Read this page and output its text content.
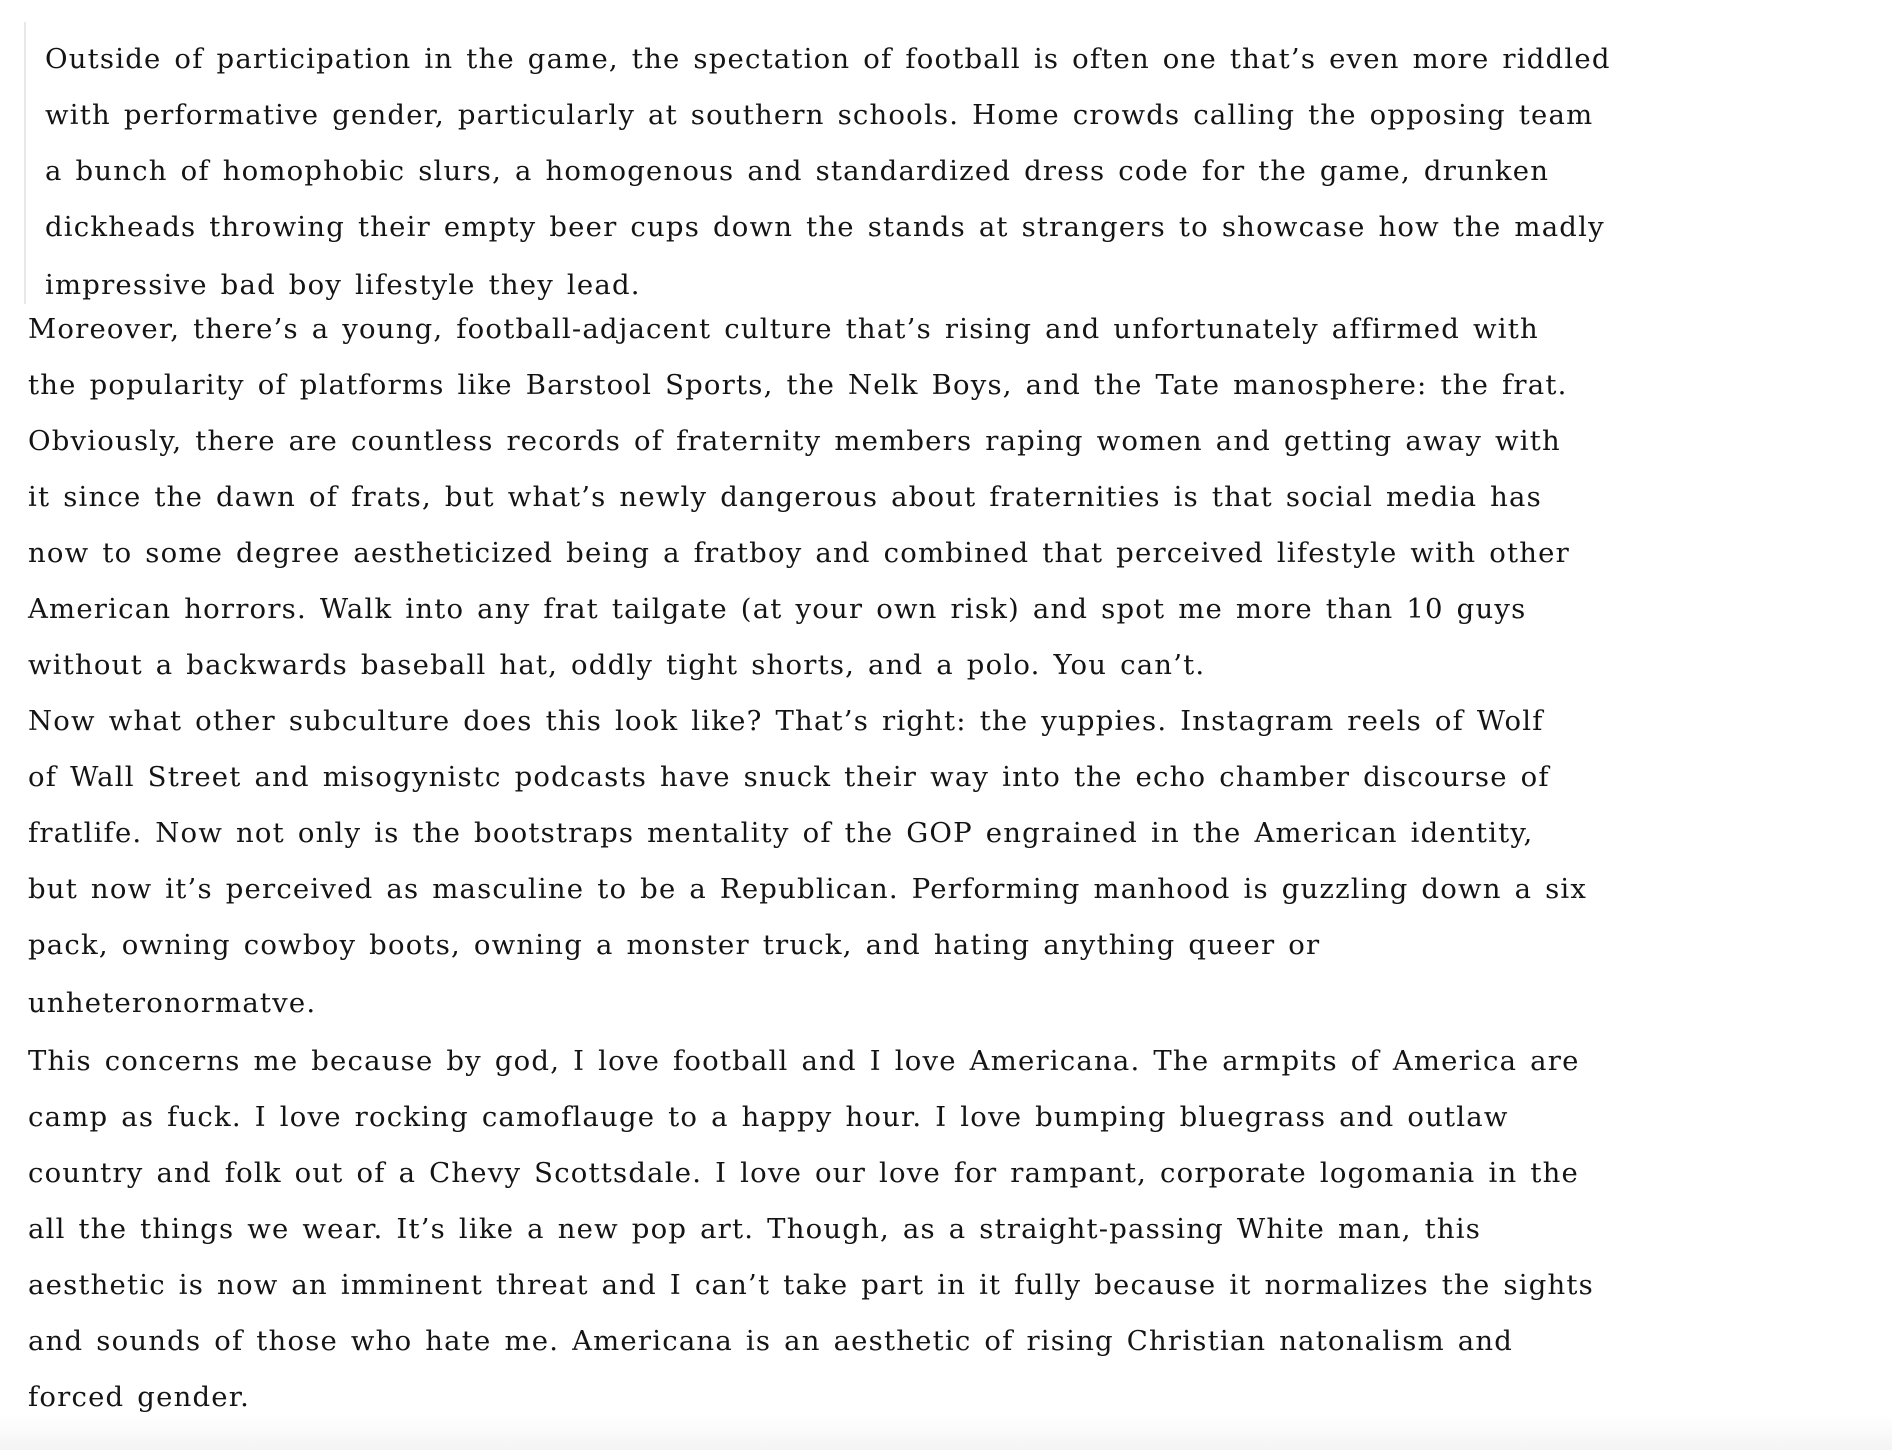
Outside of participation in the game, the spectation of football is often one that’s even more riddled
with performative gender, particularly at southern schools. Home crowds calling the opposing team
a bunch of homophobic slurs, a homogenous and standardized dress code for the game, drunken
dickheads throwing their empty beer cups down the stands at strangers to showcase how the madly
impressive bad boy lifestyle they lead.
Moreover, there’s a young, football-adjacent culture that’s rising and unfortunately affirmed with
the popularity of platforms like Barstool Sports, the Nelk Boys, and the Tate manosphere: the frat.
Obviously, there are countless records of fraternity members raping women and getting away with
it since the dawn of frats, but what’s newly dangerous about fraternities is that social media has
now to some degree aestheticized being a fratboy and combined that perceived lifestyle with other
American horrors. Walk into any frat tailgate (at your own risk) and spot me more than 10 guys
without a backwards baseball hat, oddly tight shorts, and a polo. You can’t.
Now what other subculture does this look like? That’s right: the yuppies. Instagram reels of Wolf
of Wall Street and misogynistc podcasts have snuck their way into the echo chamber discourse of
fratlife. Now not only is the bootstraps mentality of the GOP engrained in the American identity,
but now it’s perceived as masculine to be a Republican. Performing manhood is guzzling down a six
pack, owning cowboy boots, owning a monster truck, and hating anything queer or
unheteronormatve.
This concerns me because by god, I love football and I love Americana. The armpits of America are
camp as fuck. I love rocking camoflauge to a happy hour. I love bumping bluegrass and outlaw
country and folk out of a Chevy Scottsdale. I love our love for rampant, corporate logomania in the
all the things we wear. It’s like a new pop art. Though, as a straight-passing White man, this
aesthetic is now an imminent threat and I can’t take part in it fully because it normalizes the sights
and sounds of those who hate me. Americana is an aesthetic of rising Christian natonalism and
forced gender.
